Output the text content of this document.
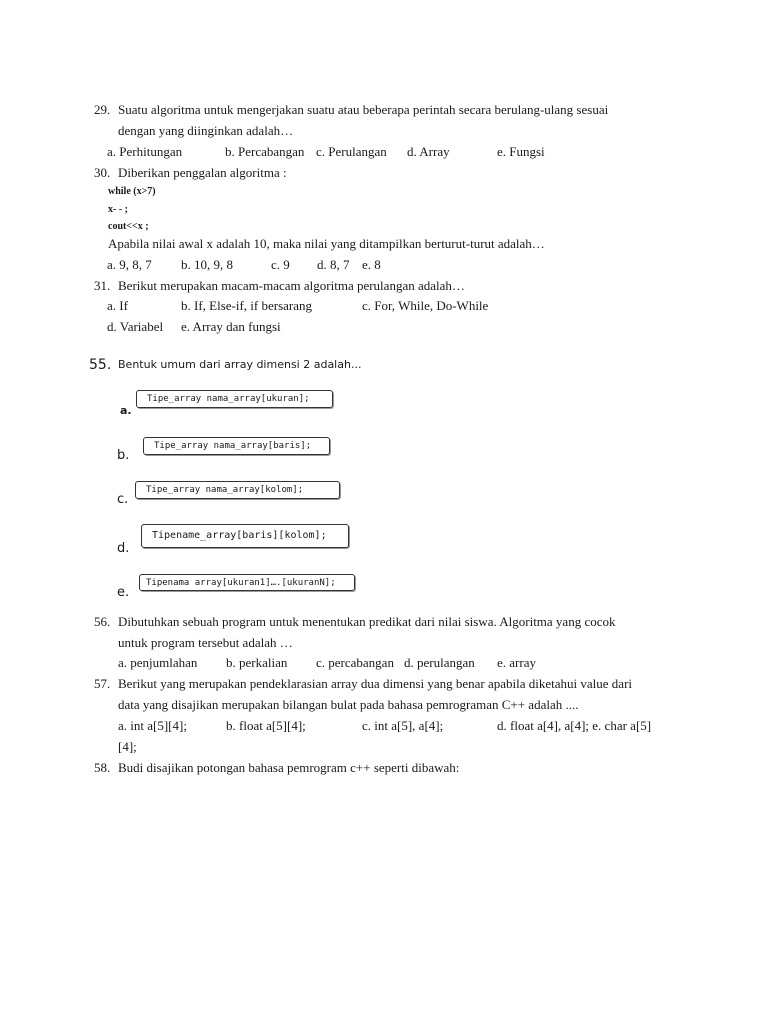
29. Suatu algoritma untuk mengerjakan suatu atau beberapa perintah secara berulang-ulang sesuai
dengan yang diinginkan adalah…
a. Perhitungan	b. Percabangan c. Perulangan d. Array	e. Fungsi
30. Diberikan penggalan algoritma :
while (x>7)
x- - ;
cout<<x ;
Apabila nilai awal x adalah 10, maka nilai yang ditampilkan berturut-turut adalah…
a. 9, 8, 7 b. 10, 9, 8	c. 9 d. 8, 7 e. 8
31. Berikut merupakan macam-macam algoritma perulangan adalah…
a. If	b. If, Else-if, if bersarang	c. For, While, Do-While
d. Variabel e. Array dan fungsi
55. Bentuk umum dari array dimensi 2 adalah...
a.
Tipe_array nama_array[ukuran];
b.
Tipe_array nama_array[baris];
c.
Tipe_array nama_array[kolom];
d.
Tipename_array[baris][kolom];
e.
Tipenama array[ukuran1]….[ukuranN];
56. Dibutuhkan sebuah program untuk menentukan predikat dari nilai siswa. Algoritma yang cocok
untuk program tersebut adalah …
a. penjumlahan b. perkalian c. percabangan d. perulangan e. array
57. Berikut yang merupakan pendeklarasian array dua dimensi yang benar apabila diketahui value dari
data yang disajikan merupakan bilangan bulat pada bahasa pemrograman C++ adalah ....
a. int a[5][4];	b. float a[5][4];	c. int a[5], a[4];	d. float a[4], a[4]; e. char a[5]
[4];
58. Budi disajikan potongan bahasa pemrogram c++ seperti dibawah:
